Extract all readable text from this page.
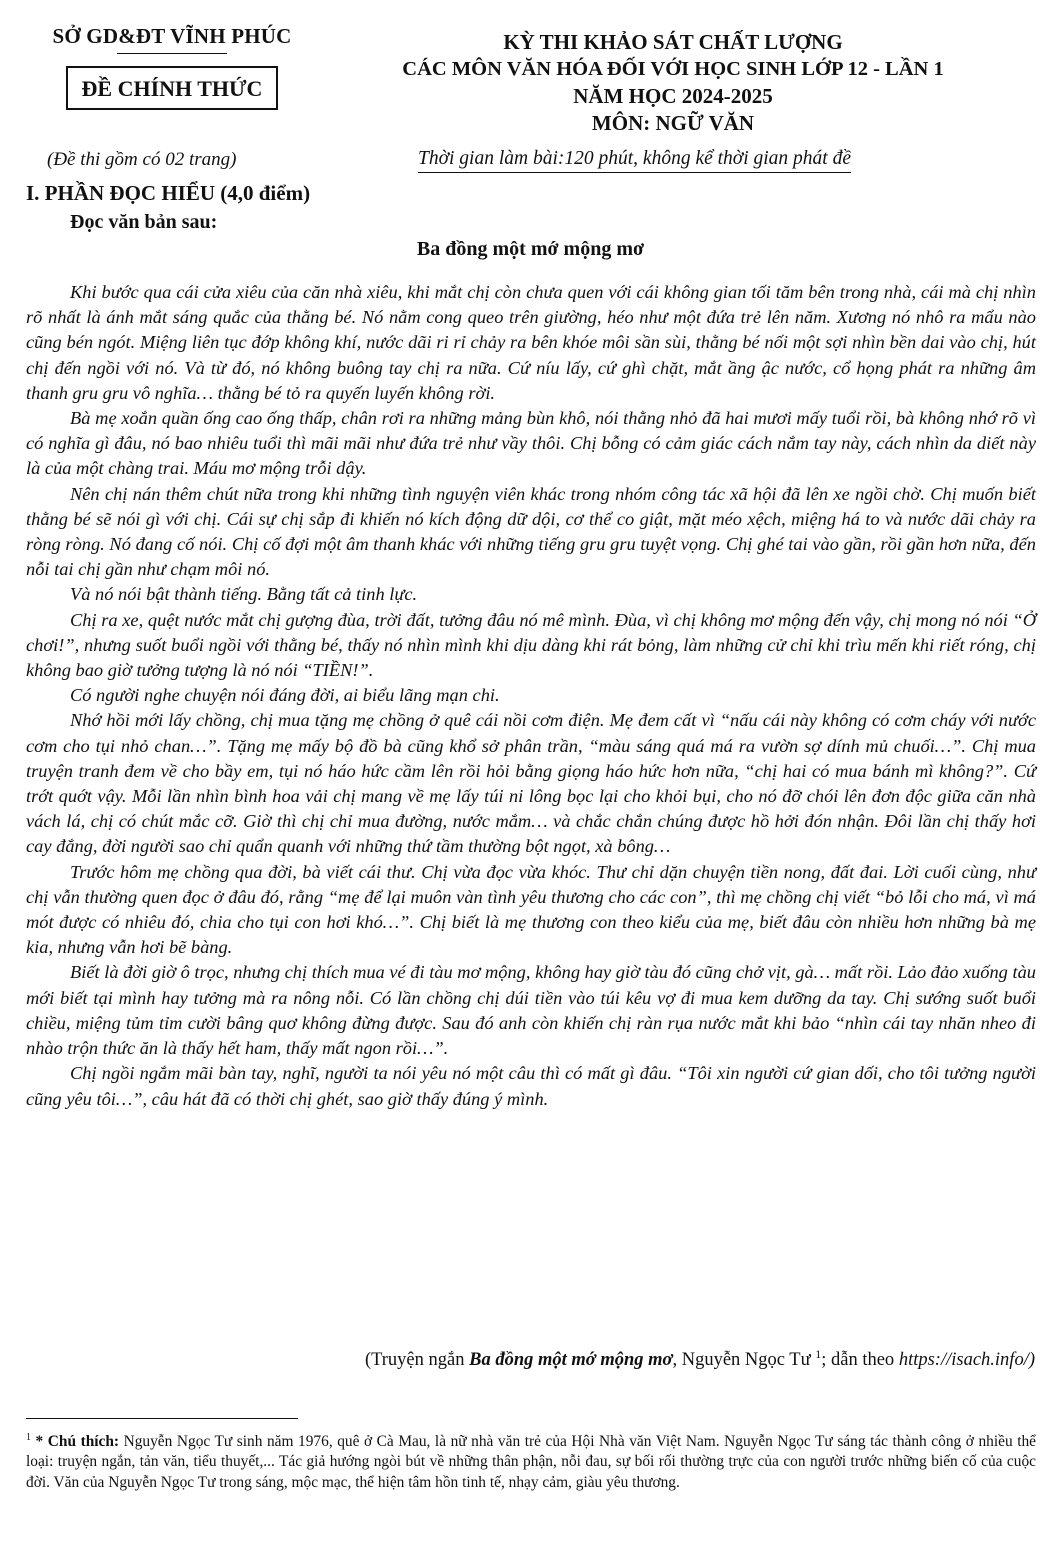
SỞ GD&ĐT VĨNH PHÚC
ĐỀ CHÍNH THỨC
(Đề thi gồm có 02 trang)
KỲ THI KHẢO SÁT CHẤT LƯỢNG
CÁC MÔN VĂN HÓA ĐỐI VỚI HỌC SINH LỚP 12 - LẦN 1
NĂM HỌC 2024-2025
MÔN: NGỮ VĂN
Thời gian làm bài:120 phút, không kể thời gian phát đề
I. PHẦN ĐỌC HIỂU (4,0 điểm)
Đọc văn bản sau:
Ba đồng một mớ mộng mơ

Khi bước qua cái cửa xiêu của căn nhà xiêu, khi mắt chị còn chưa quen với cái không gian tối tăm bên trong nhà, cái mà chị nhìn rõ nhất là ánh mắt sáng quắc của thằng bé. Nó nằm cong queo trên giường, héo như một đứa trẻ lên năm. Xương nó nhô ra mẩu nào cũng bén ngót. Miệng liên tục đớp không khí, nước dãi ri rỉ chảy ra bên khóe môi sần sùi, thằng bé nối một sợi nhìn bền dai vào chị, hút chị đến ngồi với nó. Và từ đó, nó không buông tay chị ra nữa. Cứ níu lấy, cứ ghì chặt, mắt ầng ậc nước, cổ họng phát ra những âm thanh gru gru vô nghĩa… thằng bé tỏ ra quyến luyến không rời.

Bà mẹ xoắn quần ống cao ống thấp, chân rơi ra những mảng bùn khô, nói thằng nhỏ đã hai mươi mấy tuổi rồi, bà không nhớ rõ vì có nghĩa gì đâu, nó bao nhiêu tuổi thì mãi mãi như đứa trẻ như vầy thôi. Chị bỗng có cảm giác cách nắm tay này, cách nhìn da diết này là của một chàng trai. Máu mơ mộng trỗi dậy.

Nên chị nán thêm chút nữa trong khi những tình nguyện viên khác trong nhóm công tác xã hội đã lên xe ngồi chờ. Chị muốn biết thằng bé sẽ nói gì với chị. Cái sự chị sắp đi khiến nó kích động dữ dội, cơ thể co giật, mặt méo xệch, miệng há to và nước dãi chảy ra ròng ròng. Nó đang cố nói. Chị cố đợi một âm thanh khác với những tiếng gru gru tuyệt vọng. Chị ghé tai vào gần, rồi gần hơn nữa, đến nỗi tai chị gần như chạm môi nó.

Và nó nói bật thành tiếng. Bằng tất cả tinh lực.

Chị ra xe, quệt nước mắt chị gượng đùa, trời đất, tưởng đâu nó mê mình. Đùa, vì chị không mơ mộng đến vậy, chị mong nó nói “Ở chơi!”, nhưng suốt buổi ngồi với thằng bé, thấy nó nhìn mình khi dịu dàng khi rát bỏng, làm những cử chỉ khi trìu mến khi riết róng, chị không bao giờ tưởng tượng là nó nói “TIỀN!”.

Có người nghe chuyện nói đáng đời, ai biểu lãng mạn chi.

Nhớ hồi mới lấy chồng, chị mua tặng mẹ chồng ở quê cái nồi cơm điện. Mẹ đem cất vì “nấu cái này không có cơm cháy với nước cơm cho tụi nhỏ chan…”. Tặng mẹ mấy bộ đồ bà cũng khổ sở phân trần, “màu sáng quá má ra vườn sợ dính mủ chuối…”. Chị mua truyện tranh đem về cho bầy em, tụi nó háo hức cầm lên rồi hỏi bằng giọng háo hức hơn nữa, “chị hai có mua bánh mì không?”. Cứ trớt quớt vậy. Mỗi lần nhìn bình hoa vải chị mang về mẹ lấy túi ni lông bọc lại cho khỏi bụi, cho nó đỡ chói lên đơn độc giữa căn nhà vách lá, chị có chút mắc cỡ. Giờ thì chị chỉ mua đường, nước mắm… và chắc chắn chúng được hồ hởi đón nhận. Đôi lần chị thấy hơi cay đắng, đời người sao chỉ quẩn quanh với những thứ tầm thường bột ngọt, xà bông…

Trước hôm mẹ chồng qua đời, bà viết cái thư. Chị vừa đọc vừa khóc. Thư chỉ dặn chuyện tiền nong, đất đai. Lời cuối cùng, như chị vẫn thường quen đọc ở đâu đó, rằng “mẹ để lại muôn vàn tình yêu thương cho các con”, thì mẹ chồng chị viết “bỏ lỗi cho má, vì má mót được có nhiêu đó, chia cho tụi con hơi khó…”. Chị biết là mẹ thương con theo kiểu của mẹ, biết đâu còn nhiều hơn những bà mẹ kia, nhưng vẫn hơi bẽ bàng.

Biết là đời giờ ô trọc, nhưng chị thích mua vé đi tàu mơ mộng, không hay giờ tàu đó cũng chở vịt, gà… mất rồi. Lảo đảo xuống tàu mới biết tại mình hay tưởng mà ra nông nỗi. Có lần chồng chị dúi tiền vào túi kêu vợ đi mua kem dưỡng da tay. Chị sướng suốt buổi chiều, miệng tủm tỉm cười bâng quơ không đừng được. Sau đó anh còn khiến chị ràn rụa nước mắt khi bảo “nhìn cái tay nhăn nheo đi nhào trộn thức ăn là thấy hết ham, thấy mất ngon rồi…”.

Chị ngồi ngắm mãi bàn tay, nghĩ, người ta nói yêu nó một câu thì có mất gì đâu. “Tôi xin người cứ gian dối, cho tôi tưởng người cũng yêu tôi…”, câu hát đã có thời chị ghét, sao giờ thấy đúng ý mình.

(Truyện ngắn Ba đồng một mớ mộng mơ, Nguyễn Ngọc Tư $^1$; dẫn theo https://isach.info/)
$^1$ * Chú thích: Nguyễn Ngọc Tư sinh năm 1976, quê ở Cà Mau, là nữ nhà văn trẻ của Hội Nhà văn Việt Nam. Nguyễn Ngọc Tư sáng tác thành công ở nhiều thể loại: truyện ngắn, tản văn, tiểu thuyết,... Tác giả hướng ngòi bút về những thân phận, nỗi đau, sự bối rối thường trực của con người trước những biến cố của cuộc đời. Văn của Nguyễn Ngọc Tư trong sáng, mộc mạc, thể hiện tâm hồn tinh tế, nhạy cảm, giàu yêu thương.
